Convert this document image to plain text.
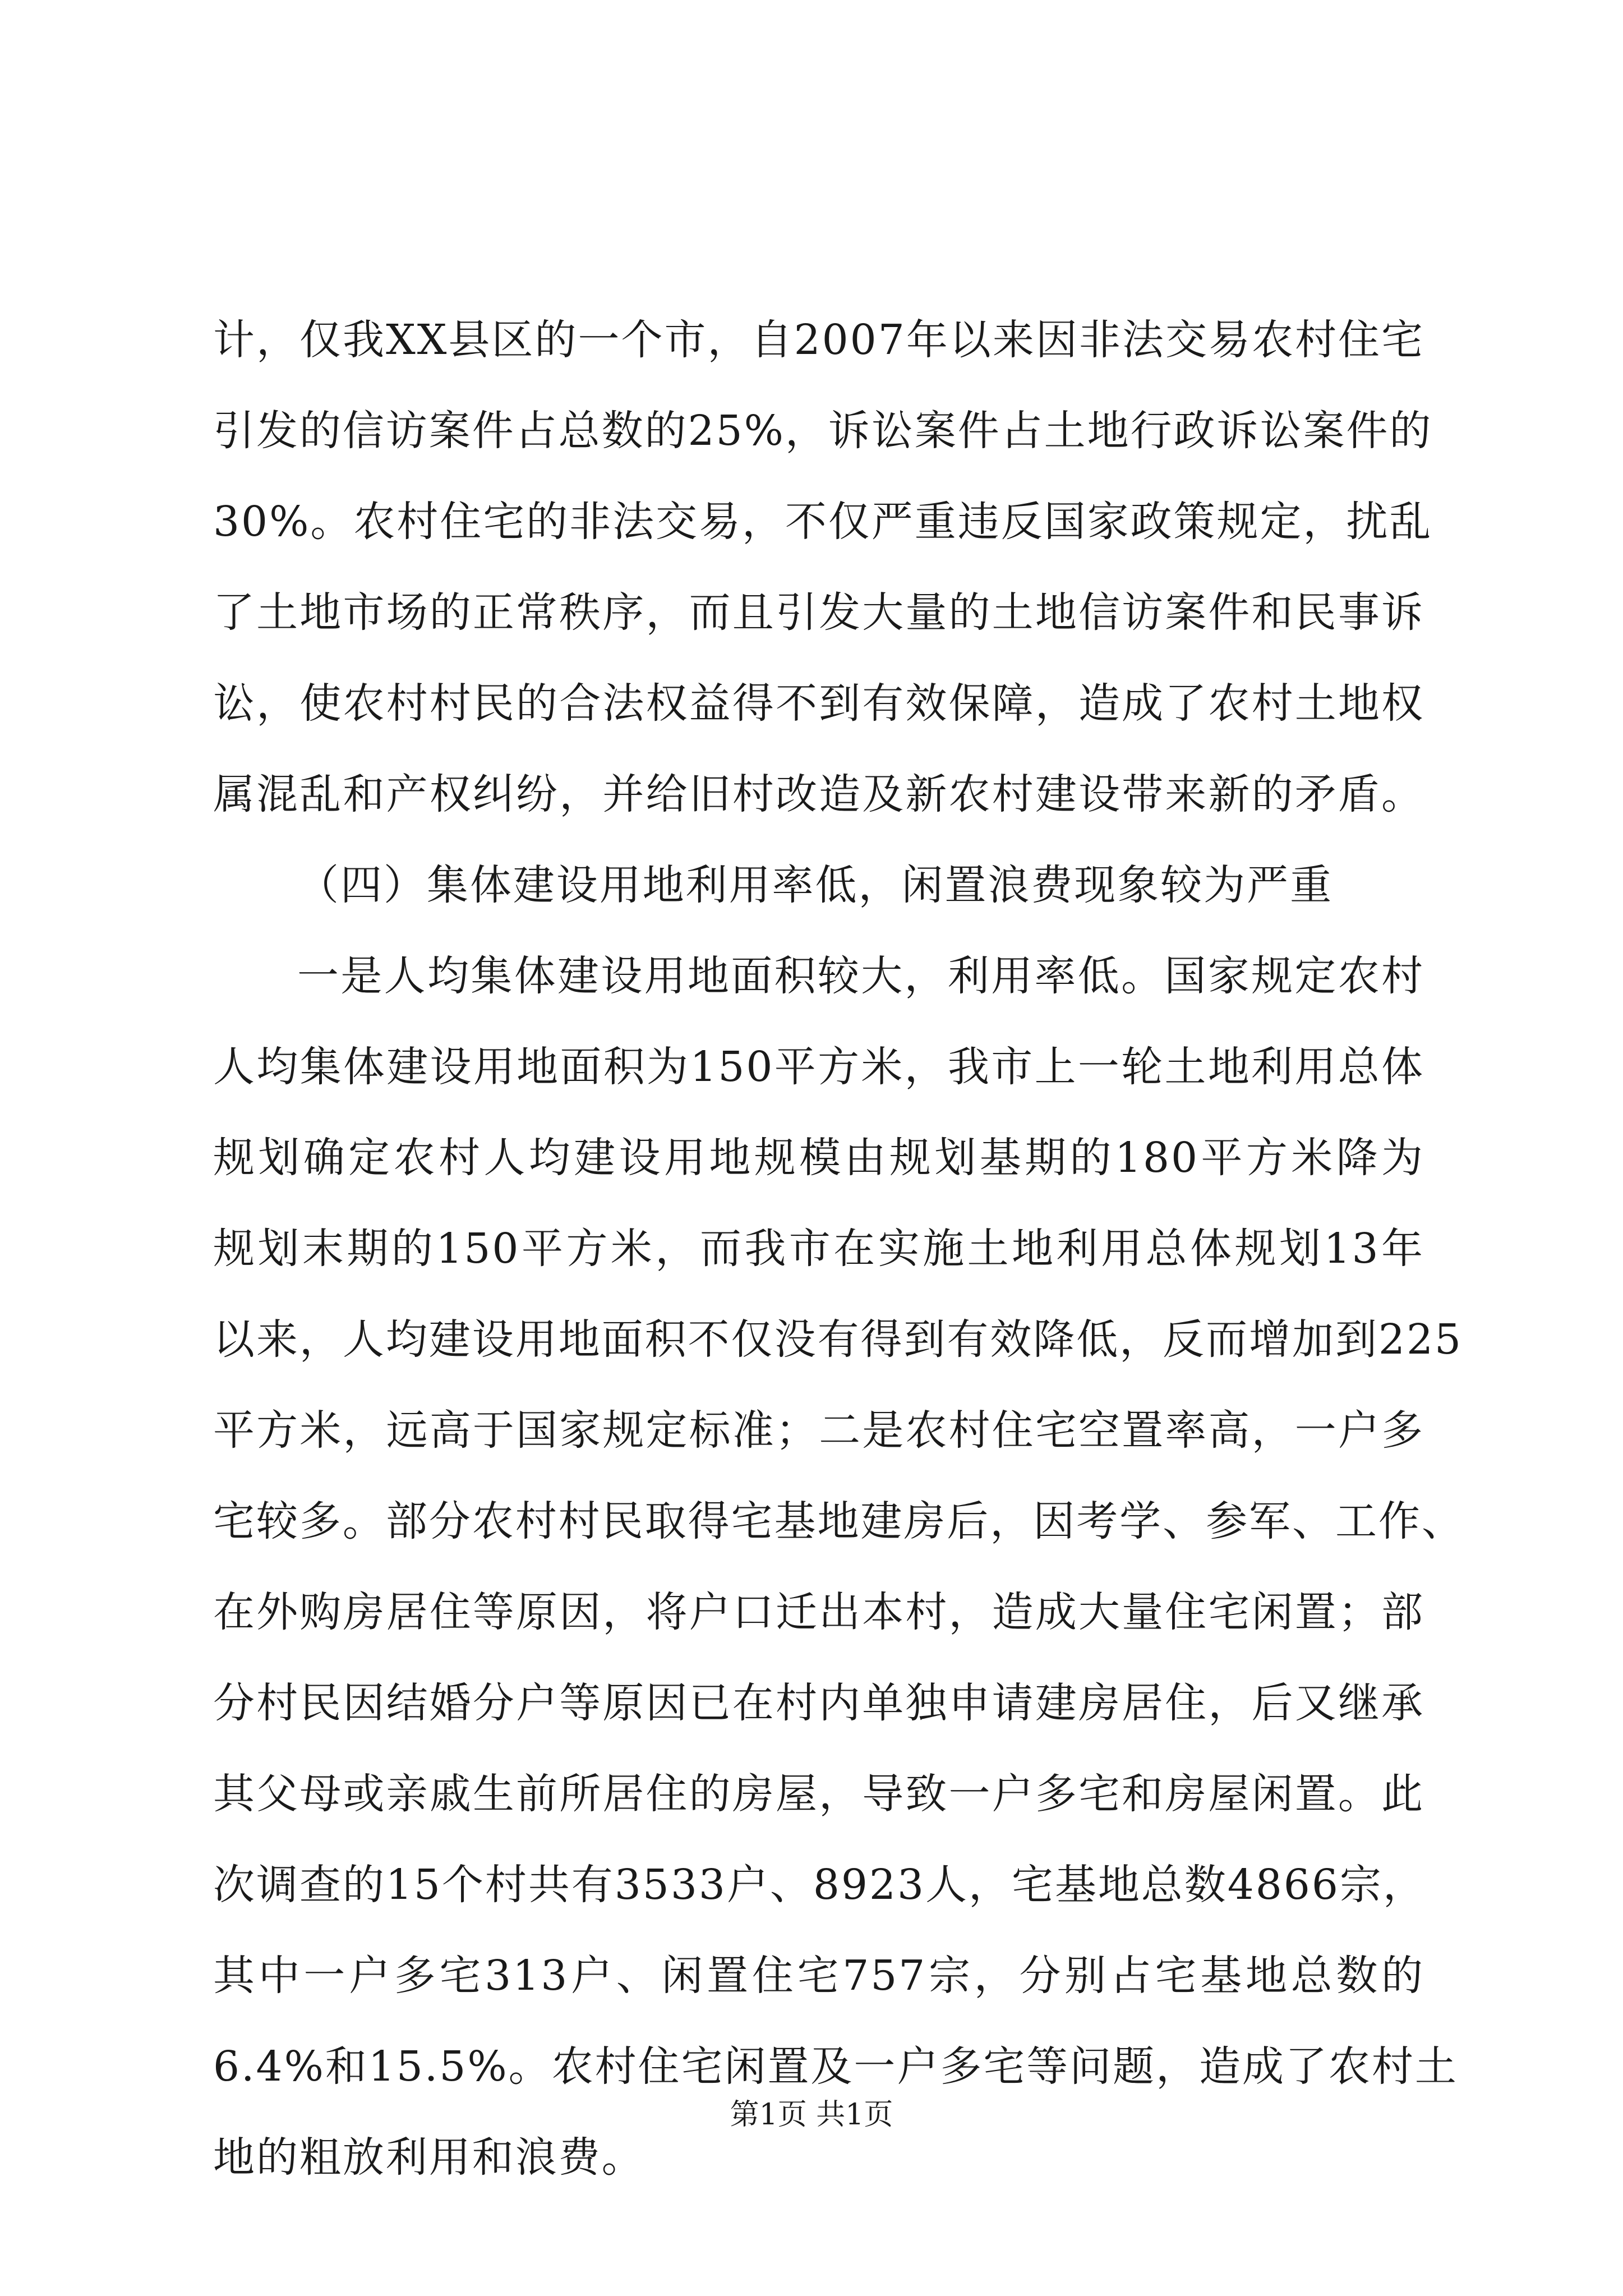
计，仅我XX县区的一个市，自2007年以来因非法交易农村住宅
引发的信访案件占总数的25%，诉讼案件占土地行政诉讼案件的
30%。农村住宅的非法交易，不仅严重违反国家政策规定，扰乱
了土地市场的正常秩序，而且引发大量的土地信访案件和民事诉
讼，使农村村民的合法权益得不到有效保障，造成了农村土地权
属混乱和产权纠纷，并给旧村改造及新农村建设带来新的矛盾。
（四）集体建设用地利用率低，闲置浪费现象较为严重
一是人均集体建设用地面积较大，利用率低。国家规定农村
人均集体建设用地面积为150平方米，我市上一轮土地利用总体
规划确定农村人均建设用地规模由规划基期的180平方米降为
规划末期的150平方米，而我市在实施土地利用总体规划13年
以来，人均建设用地面积不仅没有得到有效降低，反而增加到225
平方米，远高于国家规定标准；二是农村住宅空置率高，一户多
宅较多。部分农村村民取得宅基地建房后，因考学、参军、工作、
在外购房居住等原因，将户口迁出本村，造成大量住宅闲置；部
分村民因结婚分户等原因已在村内单独申请建房居住，后又继承
其父母或亲戚生前所居住的房屋，导致一户多宅和房屋闲置。此
次调查的15个村共有3533户、8923人，宅基地总数4866宗，
其中一户多宅313户、闲置住宅757宗，分别占宅基地总数的
6.4%和15.5%。农村住宅闲置及一户多宅等问题，造成了农村土
地的粗放利用和浪费。
第1页 共1页
